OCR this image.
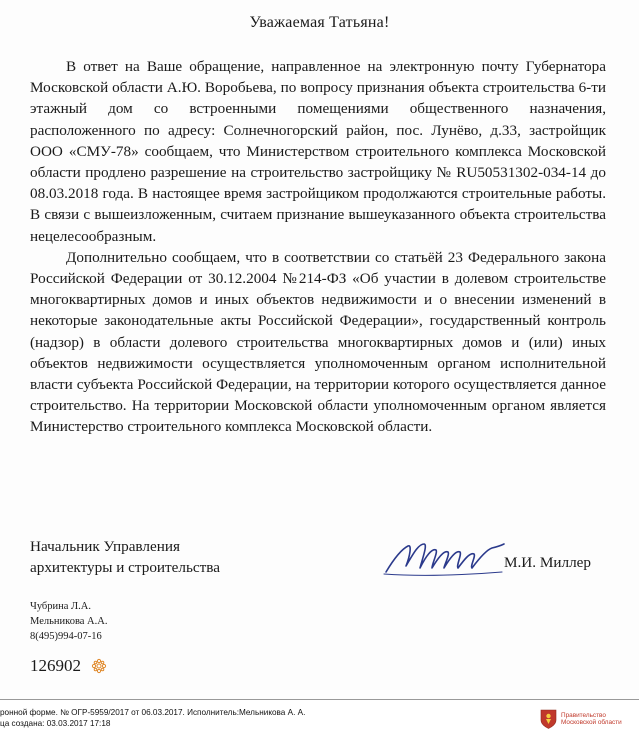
Уважаемая Татьяна!

В ответ на Ваше обращение, направленное на электронную почту Губернатора Московской области А.Ю. Воробьева, по вопросу признания объекта строительства 6-ти этажный дом со встроенными помещениями общественного назначения, расположенного по адресу: Солнечногорский район, пос. Лунёво, д.33, застройщик ООО «СМУ-78» сообщаем, что Министерством строительного комплекса Московской области продлено разрешение на строительство застройщику № RU50531302-034-14 до 08.03.2018 года. В настоящее время застройщиком продолжаются строительные работы. В связи с вышеизложенным, считаем признание вышеуказанного объекта строительства нецелесообразным.

Дополнительно сообщаем, что в соответствии со статьёй 23 Федерального закона Российской Федерации от 30.12.2004 №214-ФЗ «Об участии в долевом строительстве многоквартирных домов и иных объектов недвижимости и о внесении изменений в некоторые законодательные акты Российской Федерации», государственный контроль (надзор) в области долевого строительства многоквартирных домов и (или) иных объектов недвижимости осуществляется уполномоченным органом исполнительной власти субъекта Российской Федерации, на территории которого осуществляется данное строительство. На территории Московской области уполномоченным органом является Министерство строительного комплекса Московской области.

Начальник Управления
архитектуры и строительства	М.И. Миллер
Чубрина Л.А.
Мельникова А.А.
8(495)994-07-16
126902
ронной форме. № ОГР-5959/2017 от 06.03.2017. Исполнитель:Мельникова А. А.
ца создана: 03.03.2017 17:18
Правительство
Московской области
